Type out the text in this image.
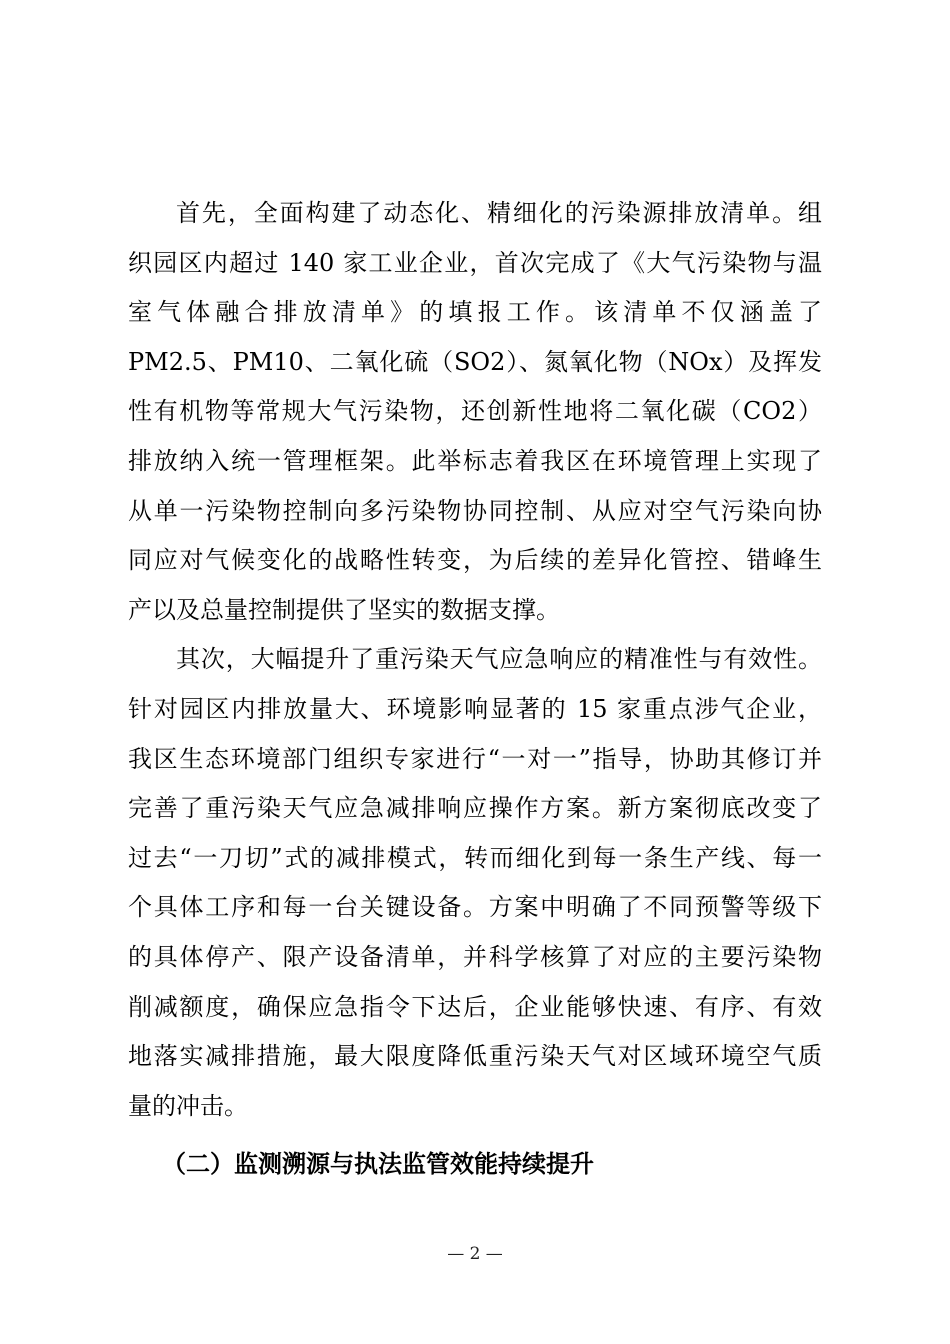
首先，全面构建了动态化、精细化的污染源排放清单。组
织园区内超过 140 家工业企业，首次完成了《大气污染物与温
室气体融合排放清单》的填报工作。该清单不仅涵盖了
PM2.5、PM10、二氧化硫（SO2）、氮氧化物（NOx）及挥发
性有机物等常规大气污染物，还创新性地将二氧化碳（CO2）
排放纳入统一管理框架。此举标志着我区在环境管理上实现了
从单一污染物控制向多污染物协同控制、从应对空气污染向协
同应对气候变化的战略性转变，为后续的差异化管控、错峰生
产以及总量控制提供了坚实的数据支撑。
其次，大幅提升了重污染天气应急响应的精准性与有效性。
针对园区内排放量大、环境影响显著的 15 家重点涉气企业，
我区生态环境部门组织专家进行“一对一”指导，协助其修订并
完善了重污染天气应急减排响应操作方案。新方案彻底改变了
过去“一刀切”式的减排模式，转而细化到每一条生产线、每一
个具体工序和每一台关键设备。方案中明确了不同预警等级下
的具体停产、限产设备清单，并科学核算了对应的主要污染物
削减额度，确保应急指令下达后，企业能够快速、有序、有效
地落实减排措施，最大限度降低重污染天气对区域环境空气质
量的冲击。
（二）监测溯源与执法监管效能持续提升
— 2 —
